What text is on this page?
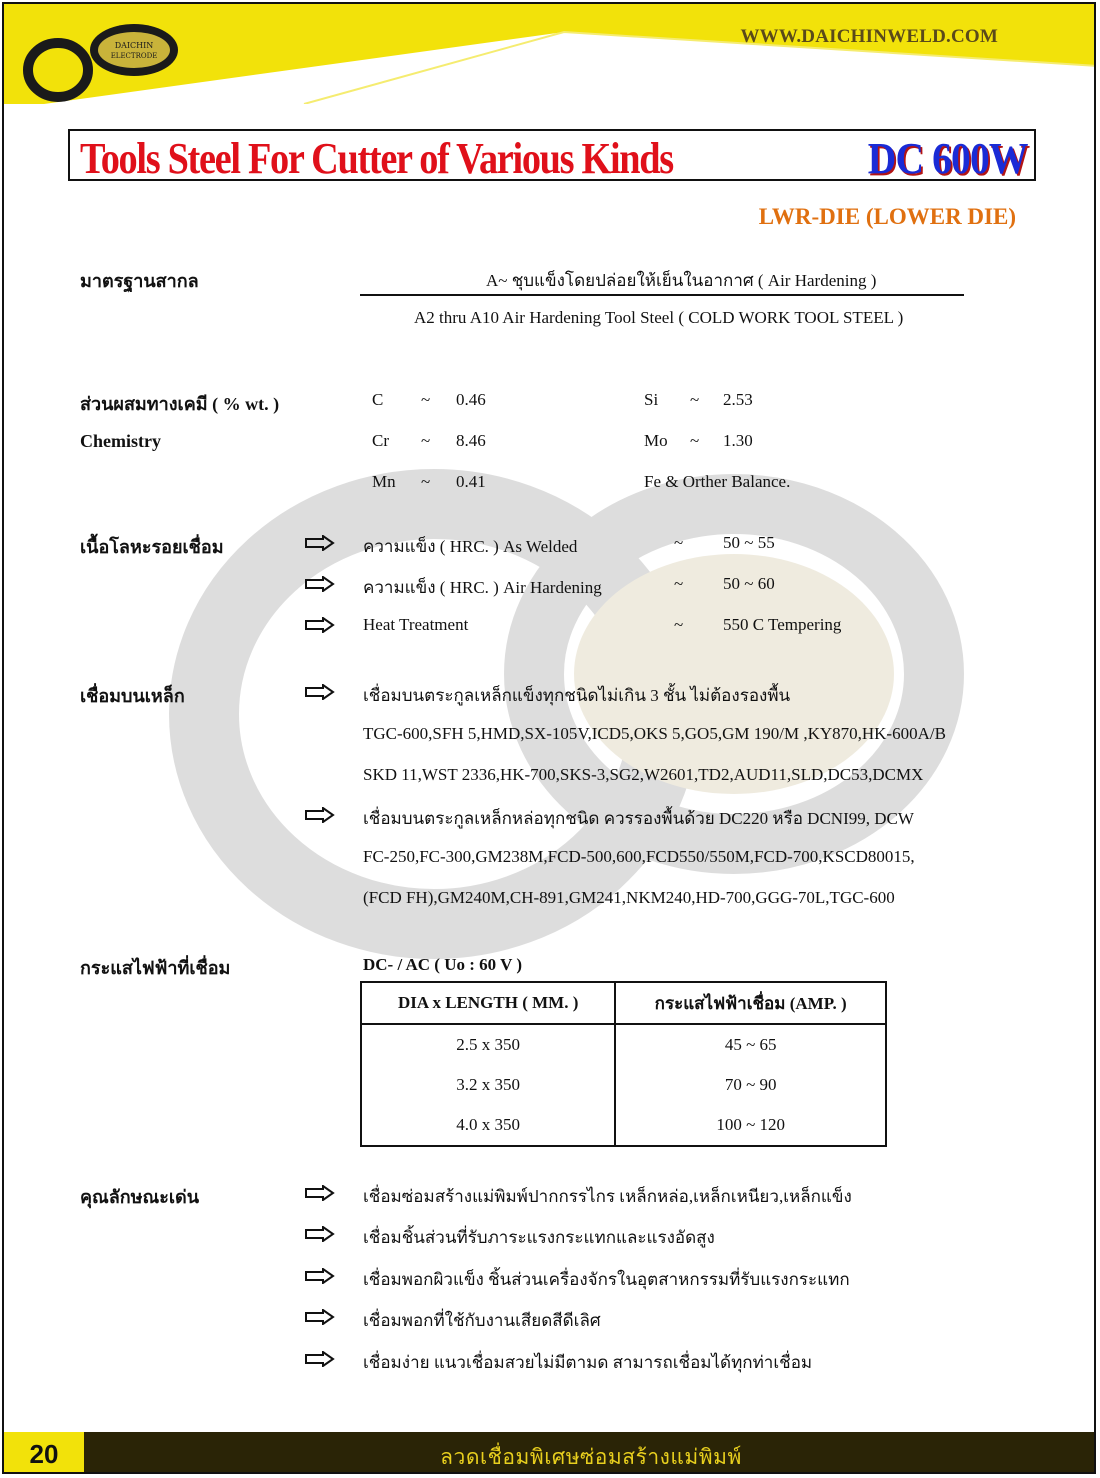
WWW.DAICHINWELD.COM
DAICHIN
ELECTRODE
Tools Steel For Cutter of Various Kinds	DC 600W
LWR-DIE (LOWER DIE)
มาตรฐานสากล	A~ ชุบแข็งโดยปล่อยให้เย็นในอากาศ ( Air Hardening )
A2 thru A10 Air Hardening Tool Steel ( COLD WORK TOOL STEEL )
ส่วนผสมทางเคมี ( % wt. )
Chemistry
C ~ 0.46	Si ~ 2.53
Cr ~ 8.46	Mo ~ 1.30
Mn ~ 0.41	Fe & Orther Balance.
เนื้อโลหะรอยเชื่อม	ความแข็ง ( HRC. ) As Welded	~ 50 ~ 55
ความแข็ง ( HRC. ) Air Hardening	~ 50 ~ 60
Heat Treatment	~ 550 C Tempering
เชื่อมบนเหล็ก	เชื่อมบนตระกูลเหล็กแข็งทุกชนิดไม่เกิน 3 ชั้น ไม่ต้องรองพื้น
TGC-600,SFH 5,HMD,SX-105V,ICD5,OKS 5,GO5,GM 190/M ,KY870,HK-600A/B
SKD 11,WST 2336,HK-700,SKS-3,SG2,W2601,TD2,AUD11,SLD,DC53,DCMX
เชื่อมบนตระกูลเหล็กหล่อทุกชนิด ควรรองพื้นด้วย DC220 หรือ DCNI99, DCW
FC-250,FC-300,GM238M,FCD-500,600,FCD550/550M,FCD-700,KSCD80015,
(FCD FH),GM240M,CH-891,GM241,NKM240,HD-700,GGG-70L,TGC-600
กระแสไฟฟ้าที่เชื่อม	DC- / AC ( Uo : 60 V )
DIA x LENGTH ( MM. )	กระแสไฟฟ้าเชื่อม (AMP. )
2.5 x 350	45 ~ 65
3.2 x 350	70 ~ 90
4.0 x 350	100 ~ 120
คุณลักษณะเด่น	เชื่อมซ่อมสร้างแม่พิมพ์ปากกรรไกร เหล็กหล่อ,เหล็กเหนียว,เหล็กแข็ง
เชื่อมชิ้นส่วนที่รับภาระแรงกระแทกและแรงอัดสูง
เชื่อมพอกผิวแข็ง ชิ้นส่วนเครื่องจักรในอุตสาหกรรมที่รับแรงกระแทก
เชื่อมพอกที่ใช้กับงานเสียดสีดีเลิศ
เชื่อมง่าย แนวเชื่อมสวยไม่มีตามด สามารถเชื่อมได้ทุกท่าเชื่อม
20	ลวดเชื่อมพิเศษซ่อมสร้างแม่พิมพ์
